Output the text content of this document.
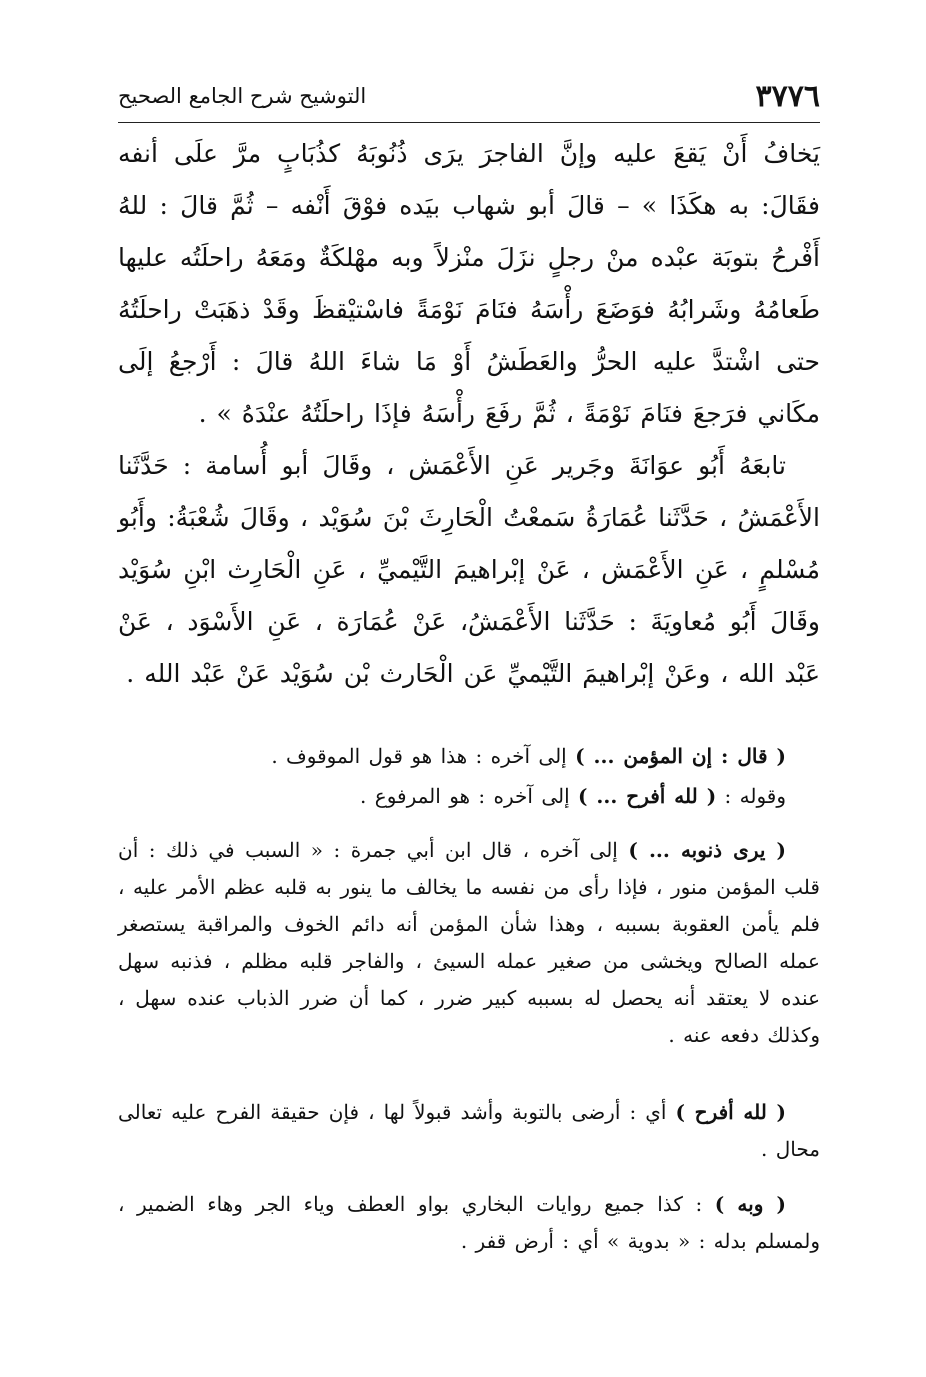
٣٧٧٦
التوشيح شرح الجامع الصحيح

يَخافُ أَنْ يَقعَ عليه وإنَّ الفاجرَ يرَى ذُنُوبَهُ كذُبَابٍ مرَّ علَى أنفه فقَالَ: به هكَذَا » – قالَ أبو شهاب بيَده فوْقَ أَنْفه – ثُمَّ قالَ : للهُ أَفْرحُ بتوبَة عبْده منْ رجلٍ نزَلَ منْزلاً وبه مهْلكَةٌ ومَعَهُ راحلَتُه عليها طَعامُهُ وشَرابُهُ فوَضَعَ رأْسَهُ فنَامَ نَوْمَةً فاسْتيْقظَ وقَدْ ذهَبَتْ راحلَتُهُ حتى اشْتدَّ عليه الحرُّ والعَطَشُ أَوْ مَا شاءَ اللهُ قالَ : أَرْجعُ إلَى مكَاني فرَجعَ فنَامَ نَوْمَةً ، ثُمَّ رفَعَ رأْسَهُ فإذَا راحلَتُهُ عنْدَهُ » .

تابعَهُ أَبُو عوَانَةَ وجَرير عَنِ الأَعْمَش ، وقَالَ أبو أُسامة : حَدَّثَنا الأَعْمَشُ ، حَدَّثَنا عُمَارَةُ سَمعْتُ الْحَارِثَ بْنَ سُوَيْد ، وقَالَ شُعْبَةُ: وأَبُو مُسْلمٍ ، عَنِ الأَعْمَش ، عَنْ إبْراهيمَ التَّيْميِّ ، عَنِ الْحَارِث ابْنِ سُوَيْد وقَالَ أَبُو مُعاويَةَ : حَدَّثَنا الأَعْمَشُ، عَنْ عُمَارَة ، عَنِ الأَسْوَد ، عَنْ عَبْد الله ، وعَنْ إبْراهيمَ التَّيْميِّ عَن الْحَارث بْن سُوَيْد عَنْ عَبْد الله .

( قال : إن المؤمن ... ) إلى آخره : هذا هو قول الموقوف .

وقوله : ( لله أفرح ... ) إلى آخره : هو المرفوع .

( يرى ذنوبه ... ) إلى آخره ، قال ابن أبي جمرة : « السبب في ذلك : أن قلب المؤمن منور ، فإذا رأى من نفسه ما يخالف ما ينور به قلبه عظم الأمر عليه ، فلم يأمن العقوبة بسببه ، وهذا شأن المؤمن أنه دائم الخوف والمراقبة يستصغر عمله الصالح ويخشى من صغير عمله السيئ ، والفاجر قلبه مظلم ، فذنبه سهل عنده لا يعتقد أنه يحصل له بسببه كبير ضرر ، كما أن ضرر الذباب عنده سهل ، وكذلك دفعه عنه .

( لله أفرح ) أي : أرضى بالتوبة وأشد قبولاً لها ، فإن حقيقة الفرح عليه تعالى محال .

( وبه ) : كذا جميع روايات البخاري بواو العطف وياء الجر وهاء الضمير ، ولمسلم بدله : « بدوية » أي : أرض قفر .
